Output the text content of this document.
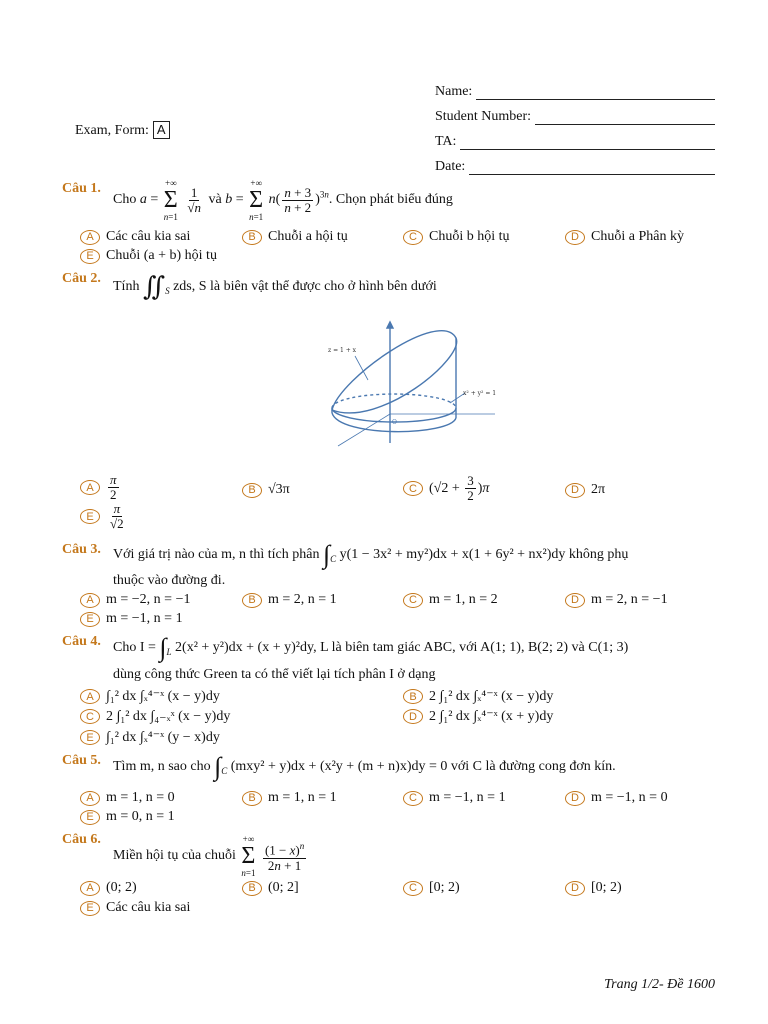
Exam, Form: A
Name:
Student Number:
TA:
Date:
Câu 1.
Cho a =
+∞
Σ
n=1

$\frac{1}{√n}$ và b =
+∞
Σ
n=1
$n( \frac{n + 3}{n + 2} )^{3n}$. Chọn phát biểu đúng
A Các câu kia sai	B Chuỗi a hội tụ	C Chuỗi b hội tụ	D Chuỗi a Phân kỳ
E Chuỗi (a + b) hội tụ
Câu 2.
Tính $∬_S$ zds, S là biên vật thể được cho ở hình bên dưới
z = 1 + x
x² + y² = 1
O
A	$\frac{\pi}{2}$	B √3π	C ($√2 + \frac{3}{2}$ ) π	D 2π
E	$\frac{\pi}{√2}$
Câu 3. Với giá trị nào của m, n thì tích phân $\int_C$ y(1 − 3x² + my²)dx + x(1 + 6y² + nx²)dy không phụ
thuộc vào đường đi.
A m = −2, n = −1	B m = 2, n = 1	C m = 1, n = 2	D m = 2, n = −1
E m = −1, n = 1
Câu 4. Cho $I = \int_L$ 2(x² + y²)dx + (x + y)²dy, L là biên tam giác ABC, với A(1; 1), B(2; 2) và C(1; 3)
dùng công thức Green ta có thể viết lại tích phân I ở dạng
A ∫₁² dx ∫ₓ⁴⁻ˣ (x − y)dy	B 2 ∫₁² dx ∫ₓ⁴⁻ˣ (x − y)dy
C 2 ∫₁² dx ∫₄₋ₓˣ (x − y)dy	D 2 ∫₁² dx ∫ₓ⁴⁻ˣ (x + y)dy
E ∫₁² dx ∫ₓ⁴⁻ˣ (y − x)dy
Câu 5. Tìm m, n sao cho $\int_C$ (mxy² + y)dx + (x²y + (m + n)x)dy = 0 với C là đường cong đơn kín.
A m = 1, n = 0	B m = 1, n = 1	C m = −1, n = 1	D m = −1, n = 0
E m = 0, n = 1
Câu 6.
Miền hội tụ của chuỗi
+∞
Σ
n=1

$\frac{(1 - x)^n}{2n + 1}$
A (0; 2)	B (0; 2]	C [0; 2)	D [0; 2)
E Các câu kia sai
Trang 1/2- Đề 1600
